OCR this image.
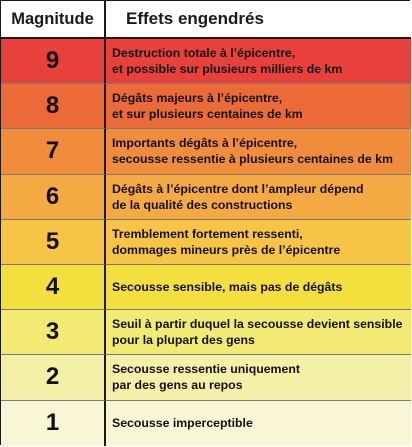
Magnitude	Effets engendrés
9	Destruction totale à l’épicentre,
et possible sur plusieurs milliers de km
8	Dégâts majeurs à l’épicentre,
et sur plusieurs centaines de km
7	Importants dégâts à l’épicentre,
secousse ressentie à plusieurs centaines de km
6	Dégâts à l’épicentre dont l’ampleur dépend
de la qualité des constructions
5	Tremblement fortement ressenti,
dommages mineurs près de l’épicentre
4	Secousse sensible, mais pas de dégâts
3	Seuil à partir duquel la secousse devient sensible
pour la plupart des gens
2	Secousse ressentie uniquement
par des gens au repos
1	Secousse imperceptible
